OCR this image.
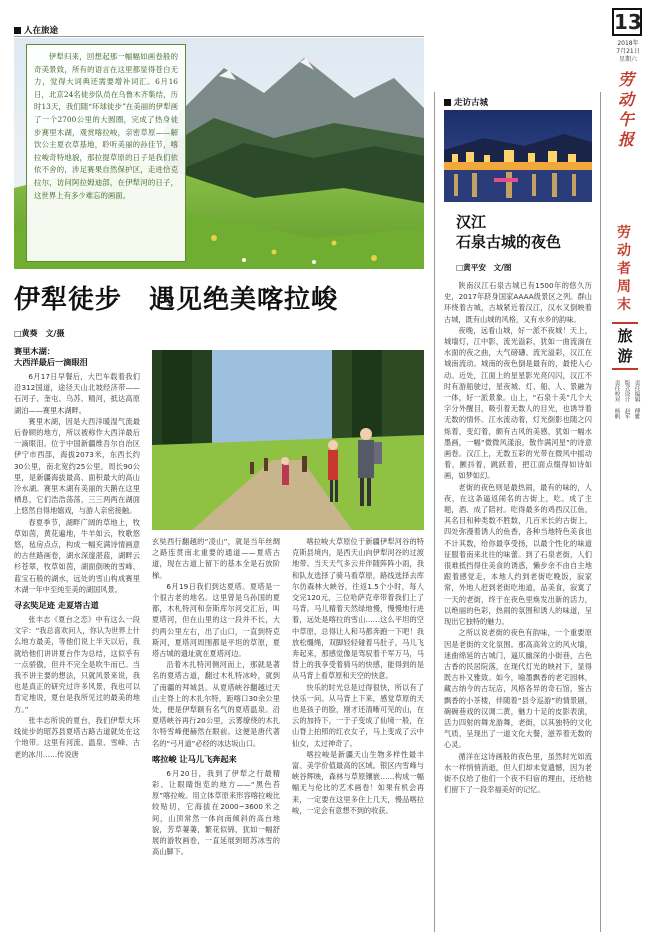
13
2018年
7月21日
星期六
劳动午报
人在旅途
伊犁归来，回想起那一幅幅如画卷般的奇美景致，所有的语言在这里都显得苍白无力，觉得大词典还需要增补词汇。6月16日，北京24名徒步队员在乌鲁木齐集结，历时13天，我们随“环球徒步”在美丽的伊犁画了一个2700公里的大圆圈，完成了热身徒步赛里木湖，观赏喀拉峻，亲密草原——解饮公主夏衣草基地，聆听美丽的孙佳节，喀拉峻奇特地貌，那拉提草原的日子是我们依依不舍的，涉足赛果自然保护区，走进恰克拉尔，访问阿拉姆迪部，在伊犁河的日子，这世界上有多少难忘的画面。
伊犁徒步　遇见绝美喀拉峻
□黄葵　文/摄
赛里木湖：
大西洋最后一滴眼泪

6月17日早餐后，大巴车载着我们沿312国道，途径天山北坡经济带——石河子、奎屯、乌苏、精河，抵达高原湖泊——赛里木湖畔。

赛里木湖，因是大西洋暖湿气流最后眷顾的地方，所以被称作大西洋最后一滴眼泪。位于中国新疆维吾尔自治区伊宁市西部，海拔2073米，东西长约30公里，南北宽约25公里，周长90公里，是新疆海拔最高、面积最大的高山冷水湖。赛里木湖有美丽的天鹅在这里栖息，它们浩浩荡荡，三三两两在湖面上悠然自得地嬉戏，与游人亲密接触。

春夏季节，湖畔广阔的草地上，牧草如茵，黄花遍地，牛羊如云，牧歌悠悠，毡房点点，构成一幅充满诗情画意的古丝路画卷，湖水深邃湛蓝，湖畔云杉苍翠，牧草如茵，湖面倒映的雪峰、蓝宝石般的湖水，远处的雪山构成赛里木湖一年中至纯至美的湖国风景。

寻玄奘足迹 走夏塔古道

张丰志《夏台之恋》中有这么一段文字：“我总喜欢问人，你认为世界上什么地方最美，等他们说上半天以后，我就给他们讲讲夏台作为总结，这似乎有一点骄傲，但并不完全是吹牛而已。当我不讲主要的想法，只就风景来说，我也是真正的研究过许多风景，我也可以肯定地说，夏台是我所见过的最美的地方。”

张丰志所说的夏台，我们伊犁大环线徒步的昭苏县夏塔古路古道就处在这个地带。这里有河流、温泉、雪峰、古老的冰川……传说唐

玄奘西行翻越的“凌山”，就是当年丝绸之路连贯南北重要的通道——夏塔古道，现在古道上留下的基本全是石放阶梯。

6月19日我们到达夏塔。夏塔是一个很古老的地名。这里曾是乌孙国的夏都，木札特河和奈斯库尔河交汇后，叫夏塔河，但在山里的这一段并不长，大约两公里左右，出了山口，一直到特克斯河，夏塔河周围都是平坦的草原，夏塔古城的遗址就在夏塔河边。

沿着木扎特河侧河而上，那就是著名的夏塔古道，翻过木札特冰岭，就到了南疆的拜城县。从夏塔峡谷翻越过天山主脊上的木扎尔特，距喀口30余公里处，便是伊犁额有名气的夏塔温泉。沿夏塔峡谷再行20公里，云雾缭绕的木扎尔特雪峰便赫然在眼前。这便是唐代著名的“弓月道”必经的冰达坂山口。

喀拉峻 让马儿飞奔起来

6月20日，我到了伊犁之行最精彩、让眼睛饱览的地方——“黑色苔原”喀拉峻。用立体草原来形容喀拉峻比较贴切，它海拔在2000~3600米之间，山顶常然一体向南倾斜的高台地貌，芳草萋萋，繁花似锦，犹如一幅舒展的游牧画卷，一直延展到昭苏冰雪的高山脚下。

喀拉峻大草原位于新疆伊犁河谷的特克斯县境内，是西天山向伊犁河谷的过渡地带。当天天气多云并伴随阵阵小雨，我和队友选择了骑马看草原，路线选择去库尔仿森林大峡谷，往返1.5个小时，每人交完120元，三位哈萨克牵带着我们上了马背。马儿精着天然绿地慢，慢慢地行进着，远处是喀拉的雪山……这么平坦的空中草原，总得让人和马都奔跑一下吧！我放松缰绳，双脚轻轻碰着马肚子，马儿飞奔起来，那感觉像是驾驭着千军万马，马背上的我享受着骑马的快感，能得到的是从马背上看草原和天空的快意。

快乐的时光总是过得很快，所以有了快乐一问。从马背上下来，感觉草原的天也是孩子的脸，刚才还清晰可见的山，在云的加持下，一于子变成了仙境一般，在山脊上拍照的红衣女子，马上变成了云中仙女，太过神奇了。

喀拉峻是新疆天山生物多样性最丰富、美学价值最高的区域。银区内雪峰与峡谷辉映，森林与草原镶嵌……构成一幅幅无与伦比的艺术画卷！如果有机会再来，一定要在这里多住上几天，慢品喀拉峻，一定会有意想不到的收获。

走访古城
汉江
石泉古城的夜色
□黄平安　文/图

陕南汉江石泉古城已有1500年的悠久历史，2017年跻身国家AAAA级景区之列。群山环绕着古城，古城紧近着汉江，汉水又倒映着古城，既有山城的风格，又有水乡的韵味。

夜晚，远看山城，好一派不夜城！天上，城墙灯，江中影，流光溢彩，犹如一曲流淌在水面的夜之曲，大气磅礴、流光溢彩，汉江在城南流动。城南的夜色倒是最有的，最使人心动。近处，江面上的星星影光亮闪闪，汉江不时有游船驶过，星夜城、灯、船、人、景融为一体，好一派景象。山上，“石泉十美”几个大字分外醒目，吸引着无数人的目光，也诱导着无数的情怀。江水流动着，灯光倒影也随之闪烁着，变幻着，颇有古风的美感，犹如一幅水墨画，一幅“微微风漾浪，散作满河星”的诗意画卷。汉江上，无数五彩的光带在微风中摇动着，颤抖着，跳跃着，把江面点缀得如诗如画，如梦如幻。

老街的夜色则是最热闹，最有的味的，人夜，在这条逼返闹名的古街上，吃、成了主题，酒、成了陪衬。吃得最多的鸡西汉江鱼，其名目和种类数不胜数，几百米长的古街上，四处弥漫着诱人的鱼香，各种当地特色美食也不计其数，给你最享受扬，以最个性化的味道征服着南来北往的味蕾。到了石泉老街，人们很难抵挡得住美食的诱惑，懒步余不由自主地跟着感觉走，本地人约到老街吃晚饭，寂家常，外地人赶到老街吃地道，品美食，寂寞了一天的老街，终于在夜色里焕发出新的活力，以绝丽的色彩，热闹的氛围和诱人的味道，呈现出它独特的魅力。

之所以说老街的夜色有韵味，一个重要原因是老街的文化氛围。那高高耸立的风火墙，迷曲绵延的古城门，逼仄幽深的小街巷，古色古香的民居院落，在现代灯光的映衬下，显得既古朴又雅致。如今，喻墨飘香的老宅园林，藏古纳今的古玩店，风格各异的奇石馆，鉴古飘香的小茶楼，伴随着“县令巡游”的情景剧，碗碗巷戏的汉调二黄，魅力十足的皮影表演，活力四射的舞龙游舞，老街，以其独特的文化气质，呈现出了一道文化大餐，滋养着无数的心灵。

循洋在这诗画般的夜色里，虽然时光如流水一样悄悄消逝，但人们却未觉遗憾，因为老街不仅给了他们一个夜不归宿的理由，还给他们留下了一段幸福美好的记忆。

劳动者周末
旅游
责任编辑　傅雅
版式设计　赵军
责任校对　杨帆
